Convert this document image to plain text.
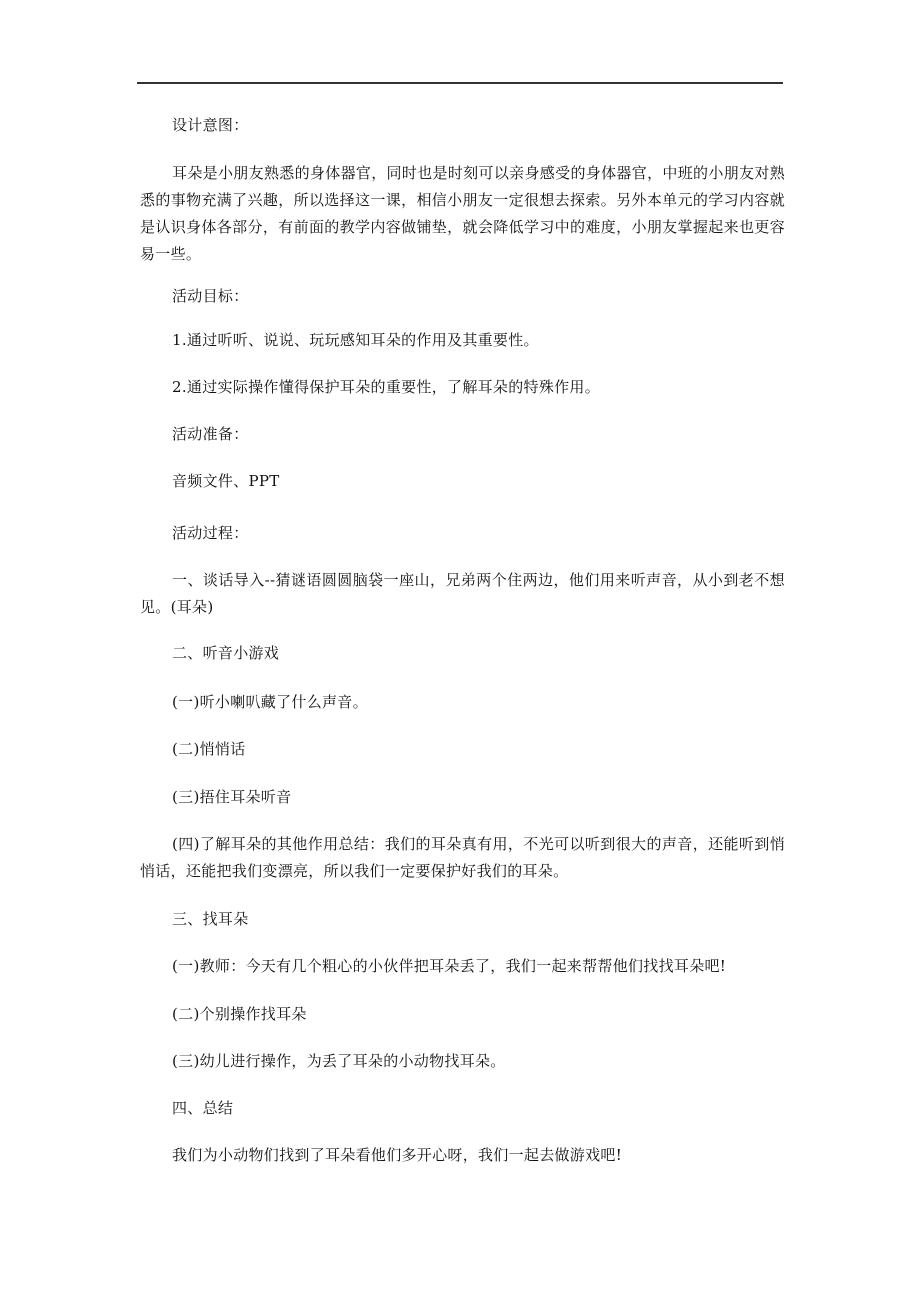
设计意图：

耳朵是小朋友熟悉的身体器官，同时也是时刻可以亲身感受的身体器官，中班的小朋友对熟悉的事物充满了兴趣，所以选择这一课，相信小朋友一定很想去探索。另外本单元的学习内容就是认识身体各部分，有前面的教学内容做铺垫，就会降低学习中的难度，小朋友掌握起来也更容易一些。

活动目标：

1.通过听听、说说、玩玩感知耳朵的作用及其重要性。

2.通过实际操作懂得保护耳朵的重要性，了解耳朵的特殊作用。

活动准备：

音频文件、PPT

活动过程：

一、谈话导入--猜谜语圆圆脑袋一座山，兄弟两个住两边，他们用来听声音，从小到老不想见。(耳朵)

二、听音小游戏

(一)听小喇叭藏了什么声音。

(二)悄悄话

(三)捂住耳朵听音

(四)了解耳朵的其他作用总结：我们的耳朵真有用，不光可以听到很大的声音，还能听到悄悄话，还能把我们变漂亮，所以我们一定要保护好我们的耳朵。

三、找耳朵

(一)教师：今天有几个粗心的小伙伴把耳朵丢了，我们一起来帮帮他们找找耳朵吧!

(二)个别操作找耳朵

(三)幼儿进行操作，为丢了耳朵的小动物找耳朵。

四、总结

我们为小动物们找到了耳朵看他们多开心呀，我们一起去做游戏吧!
